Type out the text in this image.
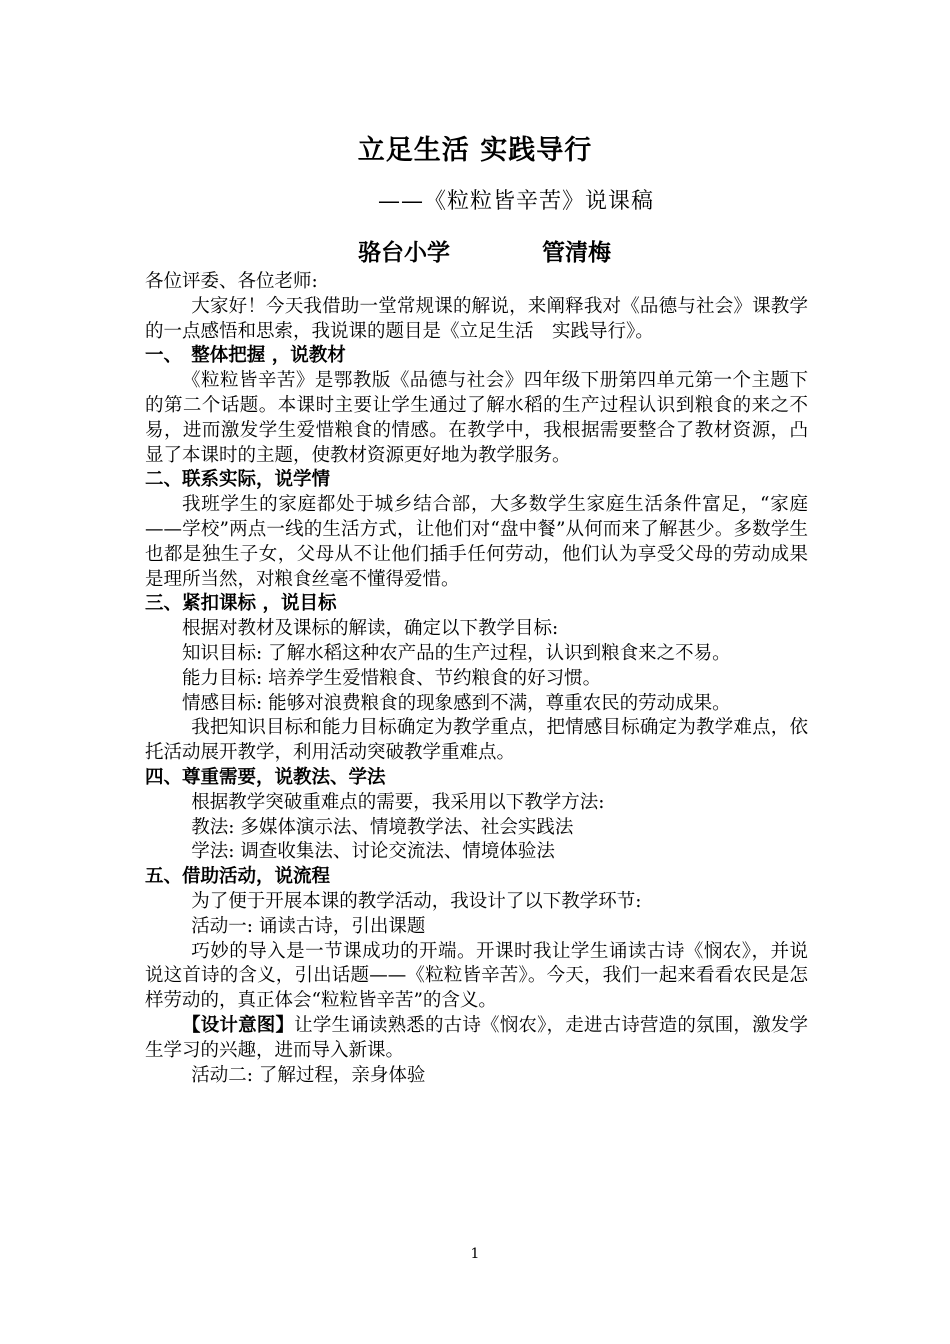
立足生活 实践导行
——《粒粒皆辛苦》说课稿
骆台小学	管清梅

各位评委、各位老师:

大家好！今天我借助一堂常规课的解说，来阐释我对《品德与社会》课教学的一点感悟和思索，我说课的题目是《立足生活　实践导行》。

一、　整体把握 ，说教材

《粒粒皆辛苦》是鄂教版《品德与社会》四年级下册第四单元第一个主题下的第二个话题。本课时主要让学生通过了解水稻的生产过程认识到粮食的来之不易，进而激发学生爱惜粮食的情感。在教学中，我根据需要整合了教材资源，凸显了本课时的主题，使教材资源更好地为教学服务。

二、联系实际，说学情

我班学生的家庭都处于城乡结合部，大多数学生家庭生活条件富足，“家庭——学校”两点一线的生活方式，让他们对“盘中餐”从何而来了解甚少。多数学生也都是独生子女，父母从不让他们插手任何劳动，他们认为享受父母的劳动成果是理所当然，对粮食丝毫不懂得爱惜。

三、紧扣课标 ，说目标

根据对教材及课标的解读，确定以下教学目标:

知识目标: 了解水稻这种农产品的生产过程，认识到粮食来之不易。

能力目标: 培养学生爱惜粮食、节约粮食的好习惯。

情感目标: 能够对浪费粮食的现象感到不满，尊重农民的劳动成果。

我把知识目标和能力目标确定为教学重点，把情感目标确定为教学难点，依托活动展开教学，利用活动突破教学重难点。

四、尊重需要，说教法、学法

根据教学突破重难点的需要，我采用以下教学方法:

教法: 多媒体演示法、情境教学法、社会实践法

学法: 调查收集法、讨论交流法、情境体验法

五、借助活动，说流程

为了便于开展本课的教学活动，我设计了以下教学环节:

活动一: 诵读古诗，引出课题

巧妙的导入是一节课成功的开端。开课时我让学生诵读古诗《悯农》，并说说这首诗的含义，引出话题——《粒粒皆辛苦》。今天，我们一起来看看农民是怎样劳动的，真正体会“粒粒皆辛苦”的含义。

【设计意图】让学生诵读熟悉的古诗《悯农》，走进古诗营造的氛围，激发学生学习的兴趣，进而导入新课。

活动二: 了解过程，亲身体验

1
